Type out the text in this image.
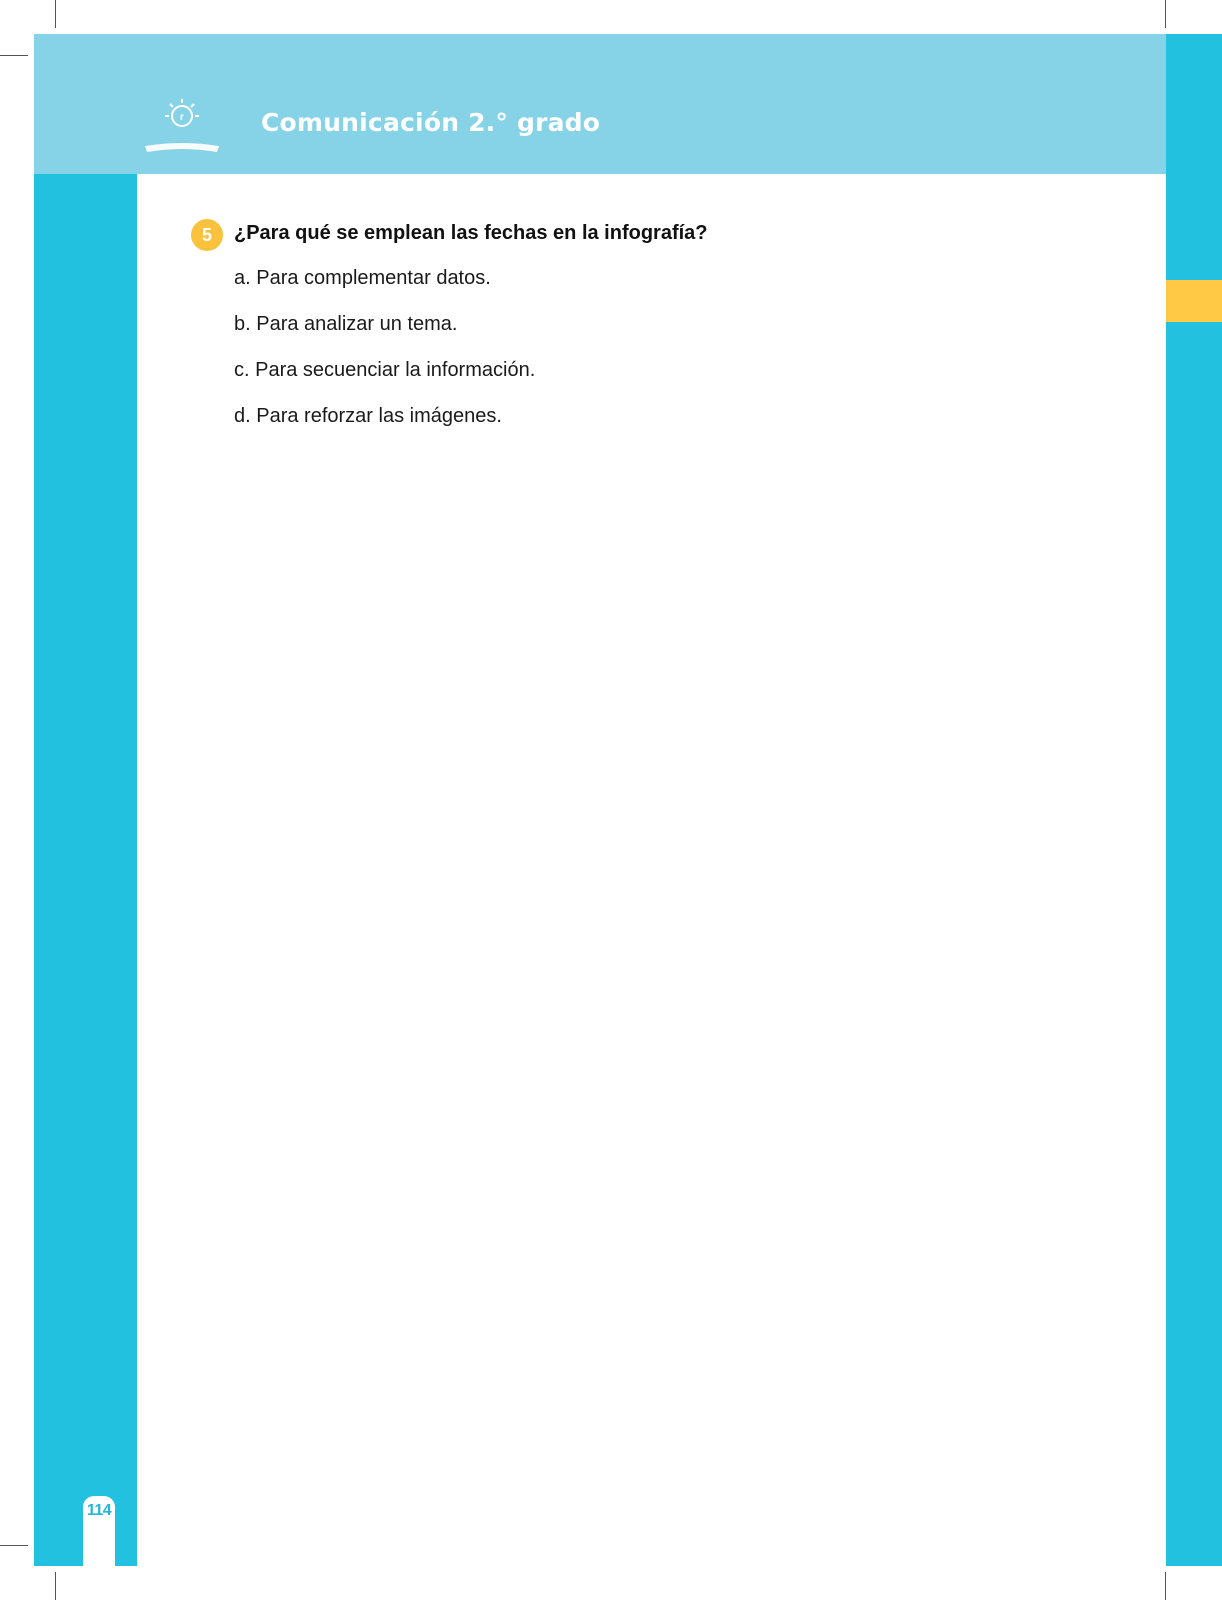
r	Comunicación 2.° grado
5	¿Para qué se emplean las fechas en la infografía?
a. Para complementar datos.
b. Para analizar un tema.
c. Para secuenciar la información.
d. Para reforzar las imágenes.
114
